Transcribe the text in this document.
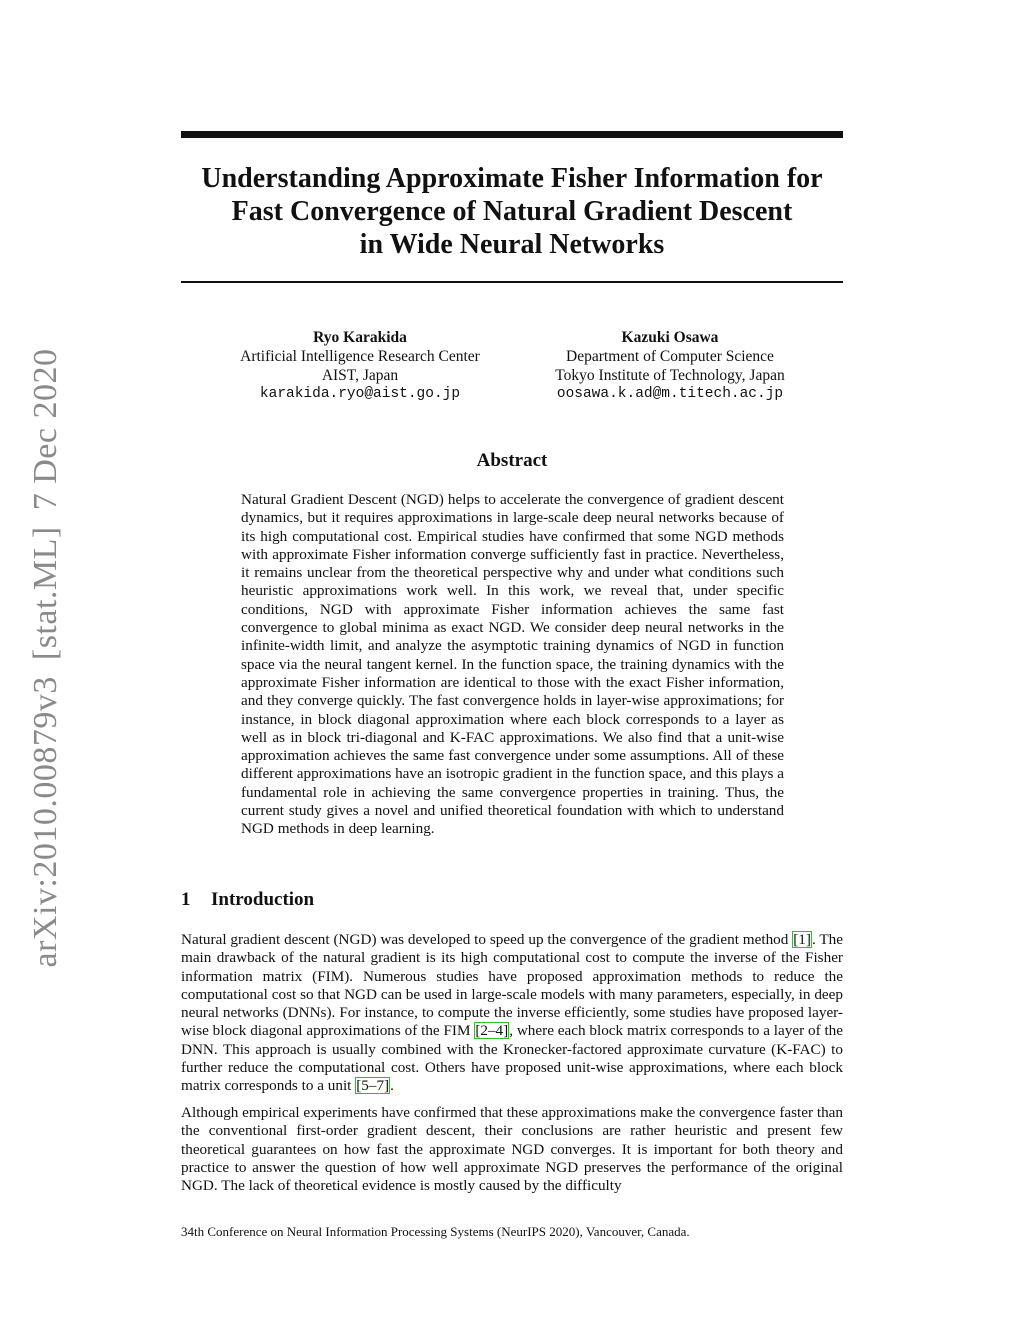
arXiv:2010.00879v3[stat.ML]7 Dec 2020
Understanding Approximate Fisher Information for
Fast Convergence of Natural Gradient Descent
in Wide Neural Networks
Ryo Karakida
Artificial Intelligence Research Center
AIST, Japan
karakida.ryo@aist.go.jp
Kazuki Osawa
Department of Computer Science
Tokyo Institute of Technology, Japan
oosawa.k.ad@m.titech.ac.jp
Abstract
Natural Gradient Descent (NGD) helps to accelerate the convergence of gradient descent dynamics, but it requires approximations in large-scale deep neural networks because of its high computational cost. Empirical studies have confirmed that some NGD methods with approximate Fisher information converge sufficiently fast in practice. Nevertheless, it remains unclear from the theoretical perspective why and under what conditions such heuristic approximations work well. In this work, we reveal that, under specific conditions, NGD with approximate Fisher information achieves the same fast convergence to global minima as exact NGD. We consider deep neural networks in the infinite-width limit, and analyze the asymptotic training dynamics of NGD in function space via the neural tangent kernel. In the function space, the training dynamics with the approximate Fisher information are identical to those with the exact Fisher information, and they converge quickly. The fast convergence holds in layer-wise approximations; for instance, in block diagonal approximation where each block corresponds to a layer as well as in block tri-diagonal and K-FAC approximations. We also find that a unit-wise approximation achieves the same fast convergence under some assumptions. All of these different approximations have an isotropic gradient in the function space, and this plays a fundamental role in achieving the same convergence properties in training. Thus, the current study gives a novel and unified theoretical foundation with which to understand NGD methods in deep learning.
1 Introduction
Natural gradient descent (NGD) was developed to speed up the convergence of the gradient method [1]. The main drawback of the natural gradient is its high computational cost to compute the inverse of the Fisher information matrix (FIM). Numerous studies have proposed approximation methods to reduce the computational cost so that NGD can be used in large-scale models with many parameters, especially, in deep neural networks (DNNs). For instance, to compute the inverse efficiently, some studies have proposed layer-wise block diagonal approximations of the FIM [2–4], where each block matrix corresponds to a layer of the DNN. This approach is usually combined with the Kronecker-factored approximate curvature (K-FAC) to further reduce the computational cost. Others have proposed unit-wise approximations, where each block matrix corresponds to a unit [5–7].
Although empirical experiments have confirmed that these approximations make the convergence faster than the conventional first-order gradient descent, their conclusions are rather heuristic and present few theoretical guarantees on how fast the approximate NGD converges. It is important for both theory and practice to answer the question of how well approximate NGD preserves the performance of the original NGD. The lack of theoretical evidence is mostly caused by the difficulty
34th Conference on Neural Information Processing Systems (NeurIPS 2020), Vancouver, Canada.
